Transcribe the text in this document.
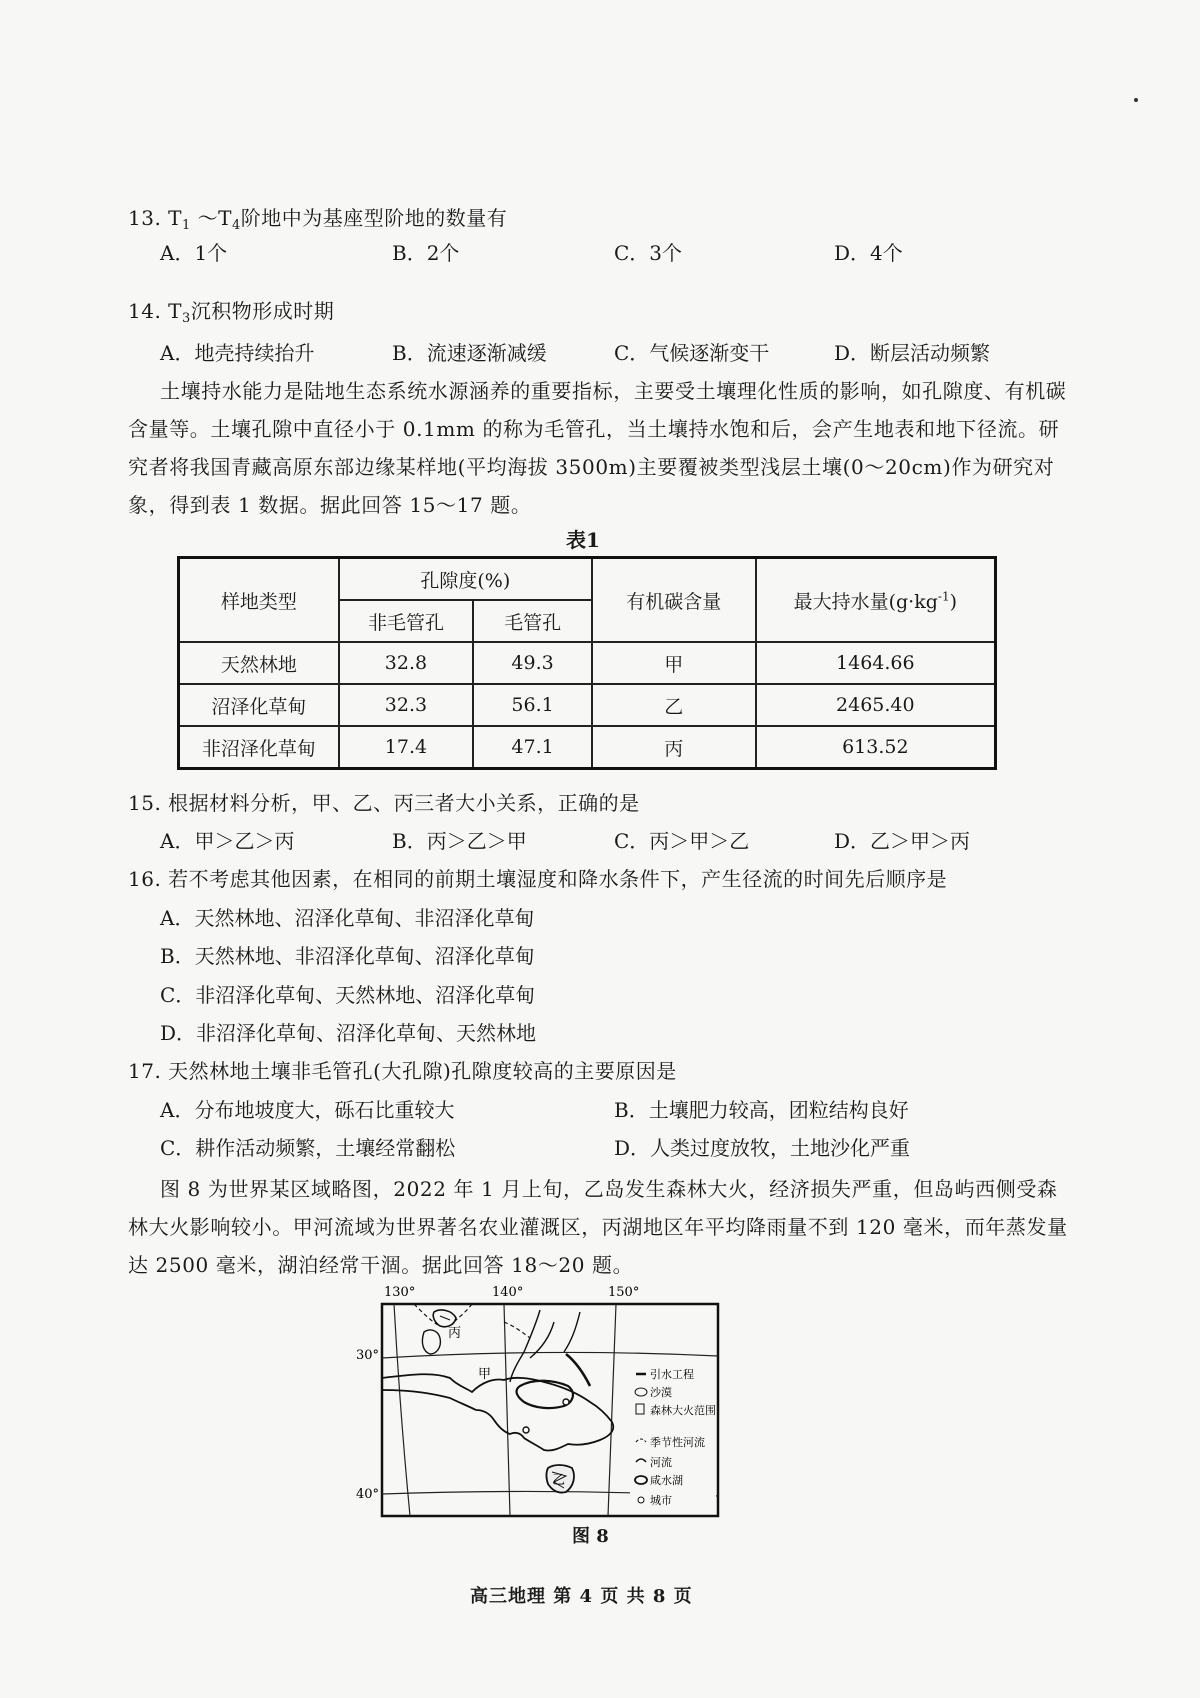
13. $T_1$ $\sim T_4$阶地中为基座型阶地的数量有
A．1个	B．2个	C．3个	D．4个
14. $T_3$沉积物形成时期
A．地壳持续抬升	B．流速逐渐减缓	C．气候逐渐变干	D．断层活动频繁
土壤持水能力是陆地生态系统水源涵养的重要指标，主要受土壤理化性质的影响，如孔隙度、有机碳含量等。土壤孔隙中直径小于 0.1mm 的称为毛管孔，当土壤持水饱和后，会产生地表和地下径流。研究者将我国青藏高原东部边缘某样地(平均海拔 3500m)主要覆被类型浅层土壤(0～20cm)作为研究对象，得到表 1 数据。据此回答 15～17 题。
表1
样地类型	孔隙度(%)		有机碳含量	最大持水量$(g\cdot kg^{-1})$
	非毛管孔	毛管孔		
天然林地	32.8	49.3	甲	1464.66
沼泽化草甸	32.3	56.1	乙	2465.40
非沼泽化草甸	17.4	47.1	丙	613.52
15. 根据材料分析，甲、乙、丙三者大小关系，正确的是
A．甲＞乙＞丙	B．丙＞乙＞甲	C．丙＞甲＞乙	D．乙＞甲＞丙
16. 若不考虑其他因素，在相同的前期土壤湿度和降水条件下，产生径流的时间先后顺序是
A．天然林地、沼泽化草甸、非沼泽化草甸
B．天然林地、非沼泽化草甸、沼泽化草甸
C．非沼泽化草甸、天然林地、沼泽化草甸
D．非沼泽化草甸、沼泽化草甸、天然林地
17. 天然林地土壤非毛管孔(大孔隙)孔隙度较高的主要原因是
A．分布地坡度大，砾石比重较大	B．土壤肥力较高，团粒结构良好
C．耕作活动频繁，土壤经常翻松	D．人类过度放牧，土地沙化严重
图 8 为世界某区域略图，2022 年 1 月上旬，乙岛发生森林大火，经济损失严重，但岛屿西侧受森林大火影响较小。甲河流域为世界著名农业灌溉区，丙湖地区年平均降雨量不到 120 毫米，而年蒸发量达 2500 毫米，湖泊经常干涸。据此回答 18～20 题。
130°	140°	150°
30°
40°
丙
甲
乙
引水工程
沙漠
森林大火范围
季节性河流
河流
咸水湖
城市
图 8
高三地理 第 4 页 共 8 页
